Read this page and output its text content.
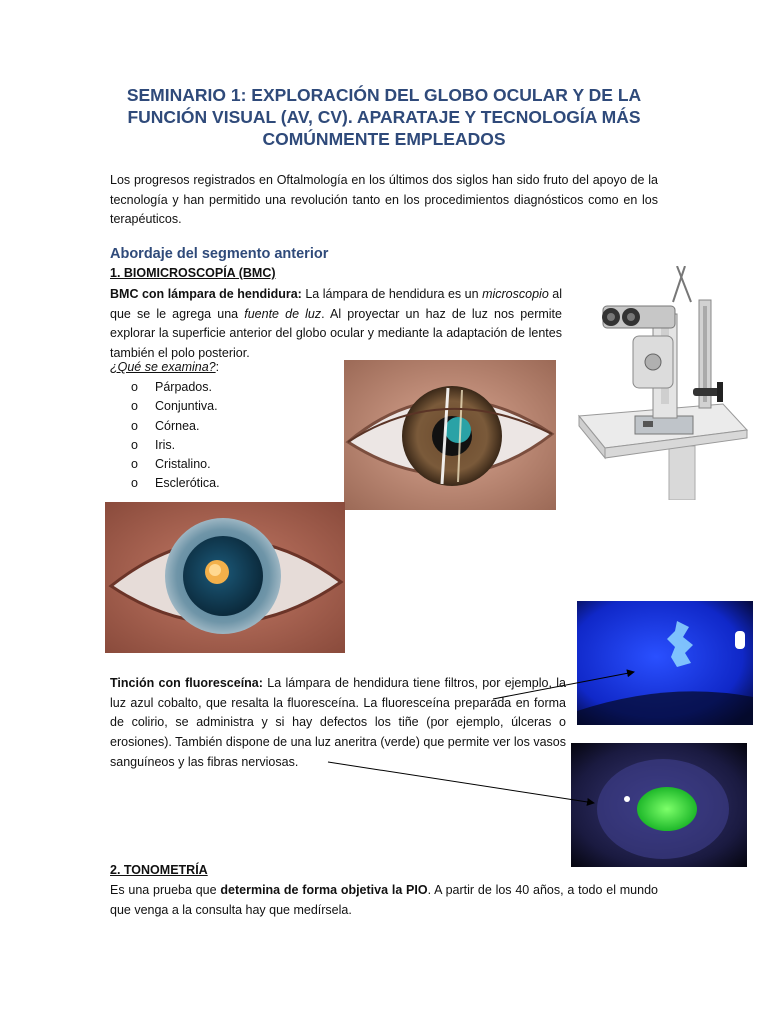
SEMINARIO 1: EXPLORACIÓN DEL GLOBO OCULAR Y DE LA
FUNCIÓN VISUAL (AV, CV). APARATAJE Y TECNOLOGÍA MÁS
COMÚNMENTE EMPLEADOS
Los progresos registrados en Oftalmología en los últimos dos siglos han sido fruto del apoyo de la tecnología y han permitido una revolución tanto en los procedimientos diagnósticos como en los terapéuticos.
Abordaje del segmento anterior
1. BIOMICROSCOPÍA (BMC)
BMC con lámpara de hendidura: La lámpara de hendidura es un microscopio al que se le agrega una fuente de luz. Al proyectar un haz de luz nos permite explorar la superficie anterior del globo ocular y mediante la adaptación de lentes también el polo posterior.
¿Qué se examina?:
o	Párpados.
o	Conjuntiva.
o	Córnea.
o	Iris.
o	Cristalino.
o	Esclerótica.
Tinción con fluoresceína: La lámpara de hendidura tiene filtros, por ejemplo, la luz azul cobalto, que resalta la fluoresceína. La fluoresceína preparada en forma de colirio, se administra y si hay defectos los tiñe (por ejemplo, úlceras o erosiones). También dispone de una luz aneritra (verde) que permite ver los vasos sanguíneos y las fibras nerviosas.
2. TONOMETRÍA
Es una prueba que determina de forma objetiva la PIO. A partir de los 40 años, a todo el mundo que venga a la consulta hay que medírsela.
